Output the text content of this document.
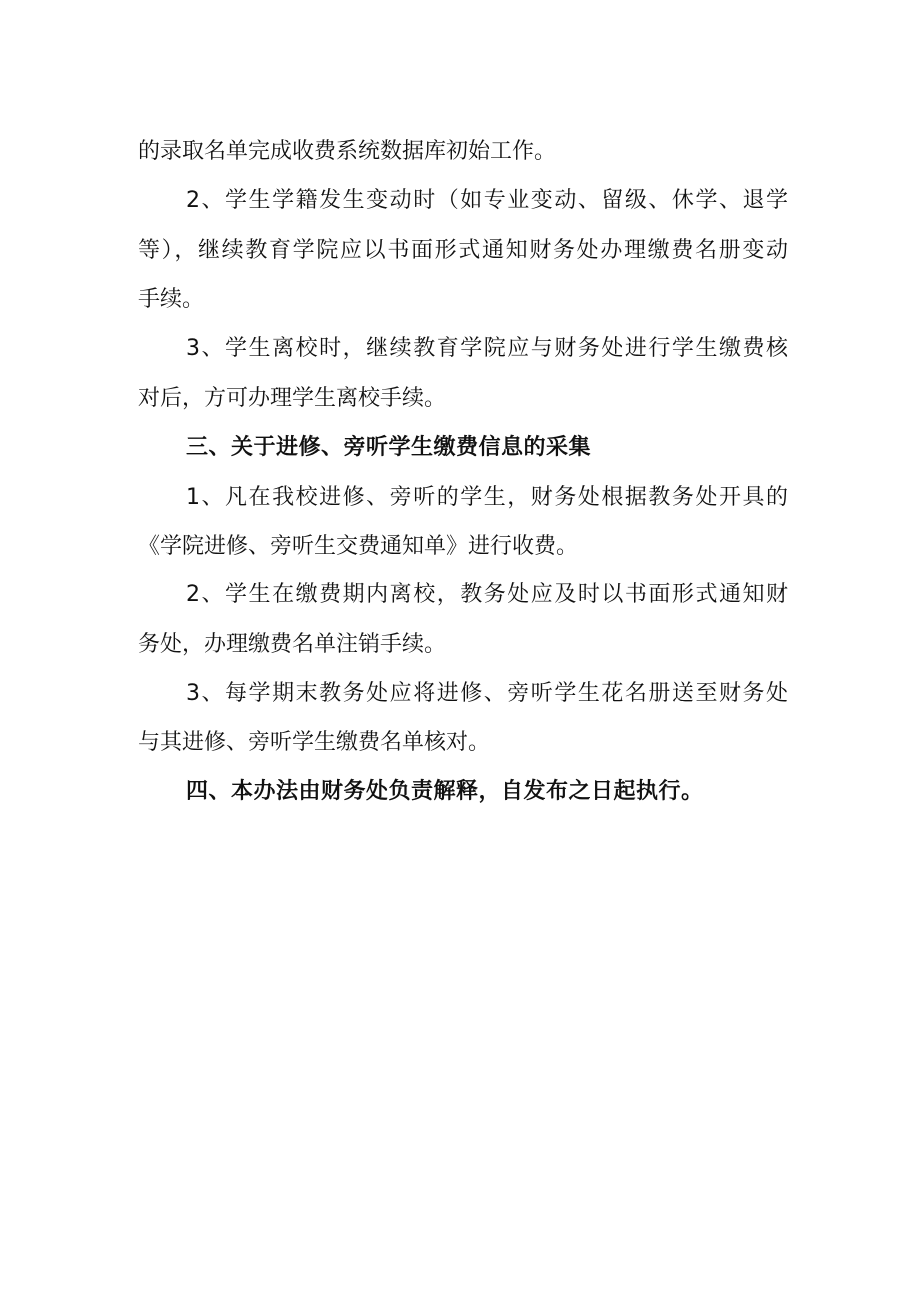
的录取名单完成收费系统数据库初始工作。
2、学生学籍发生变动时（如专业变动、留级、休学、退学
等），继续教育学院应以书面形式通知财务处办理缴费名册变动
手续。
3、学生离校时，继续教育学院应与财务处进行学生缴费核
对后，方可办理学生离校手续。
三、关于进修、旁听学生缴费信息的采集
1、凡在我校进修、旁听的学生，财务处根据教务处开具的
《学院进修、旁听生交费通知单》进行收费。
2、学生在缴费期内离校，教务处应及时以书面形式通知财
务处，办理缴费名单注销手续。
3、每学期末教务处应将进修、旁听学生花名册送至财务处
与其进修、旁听学生缴费名单核对。
四、本办法由财务处负责解释，自发布之日起执行。
